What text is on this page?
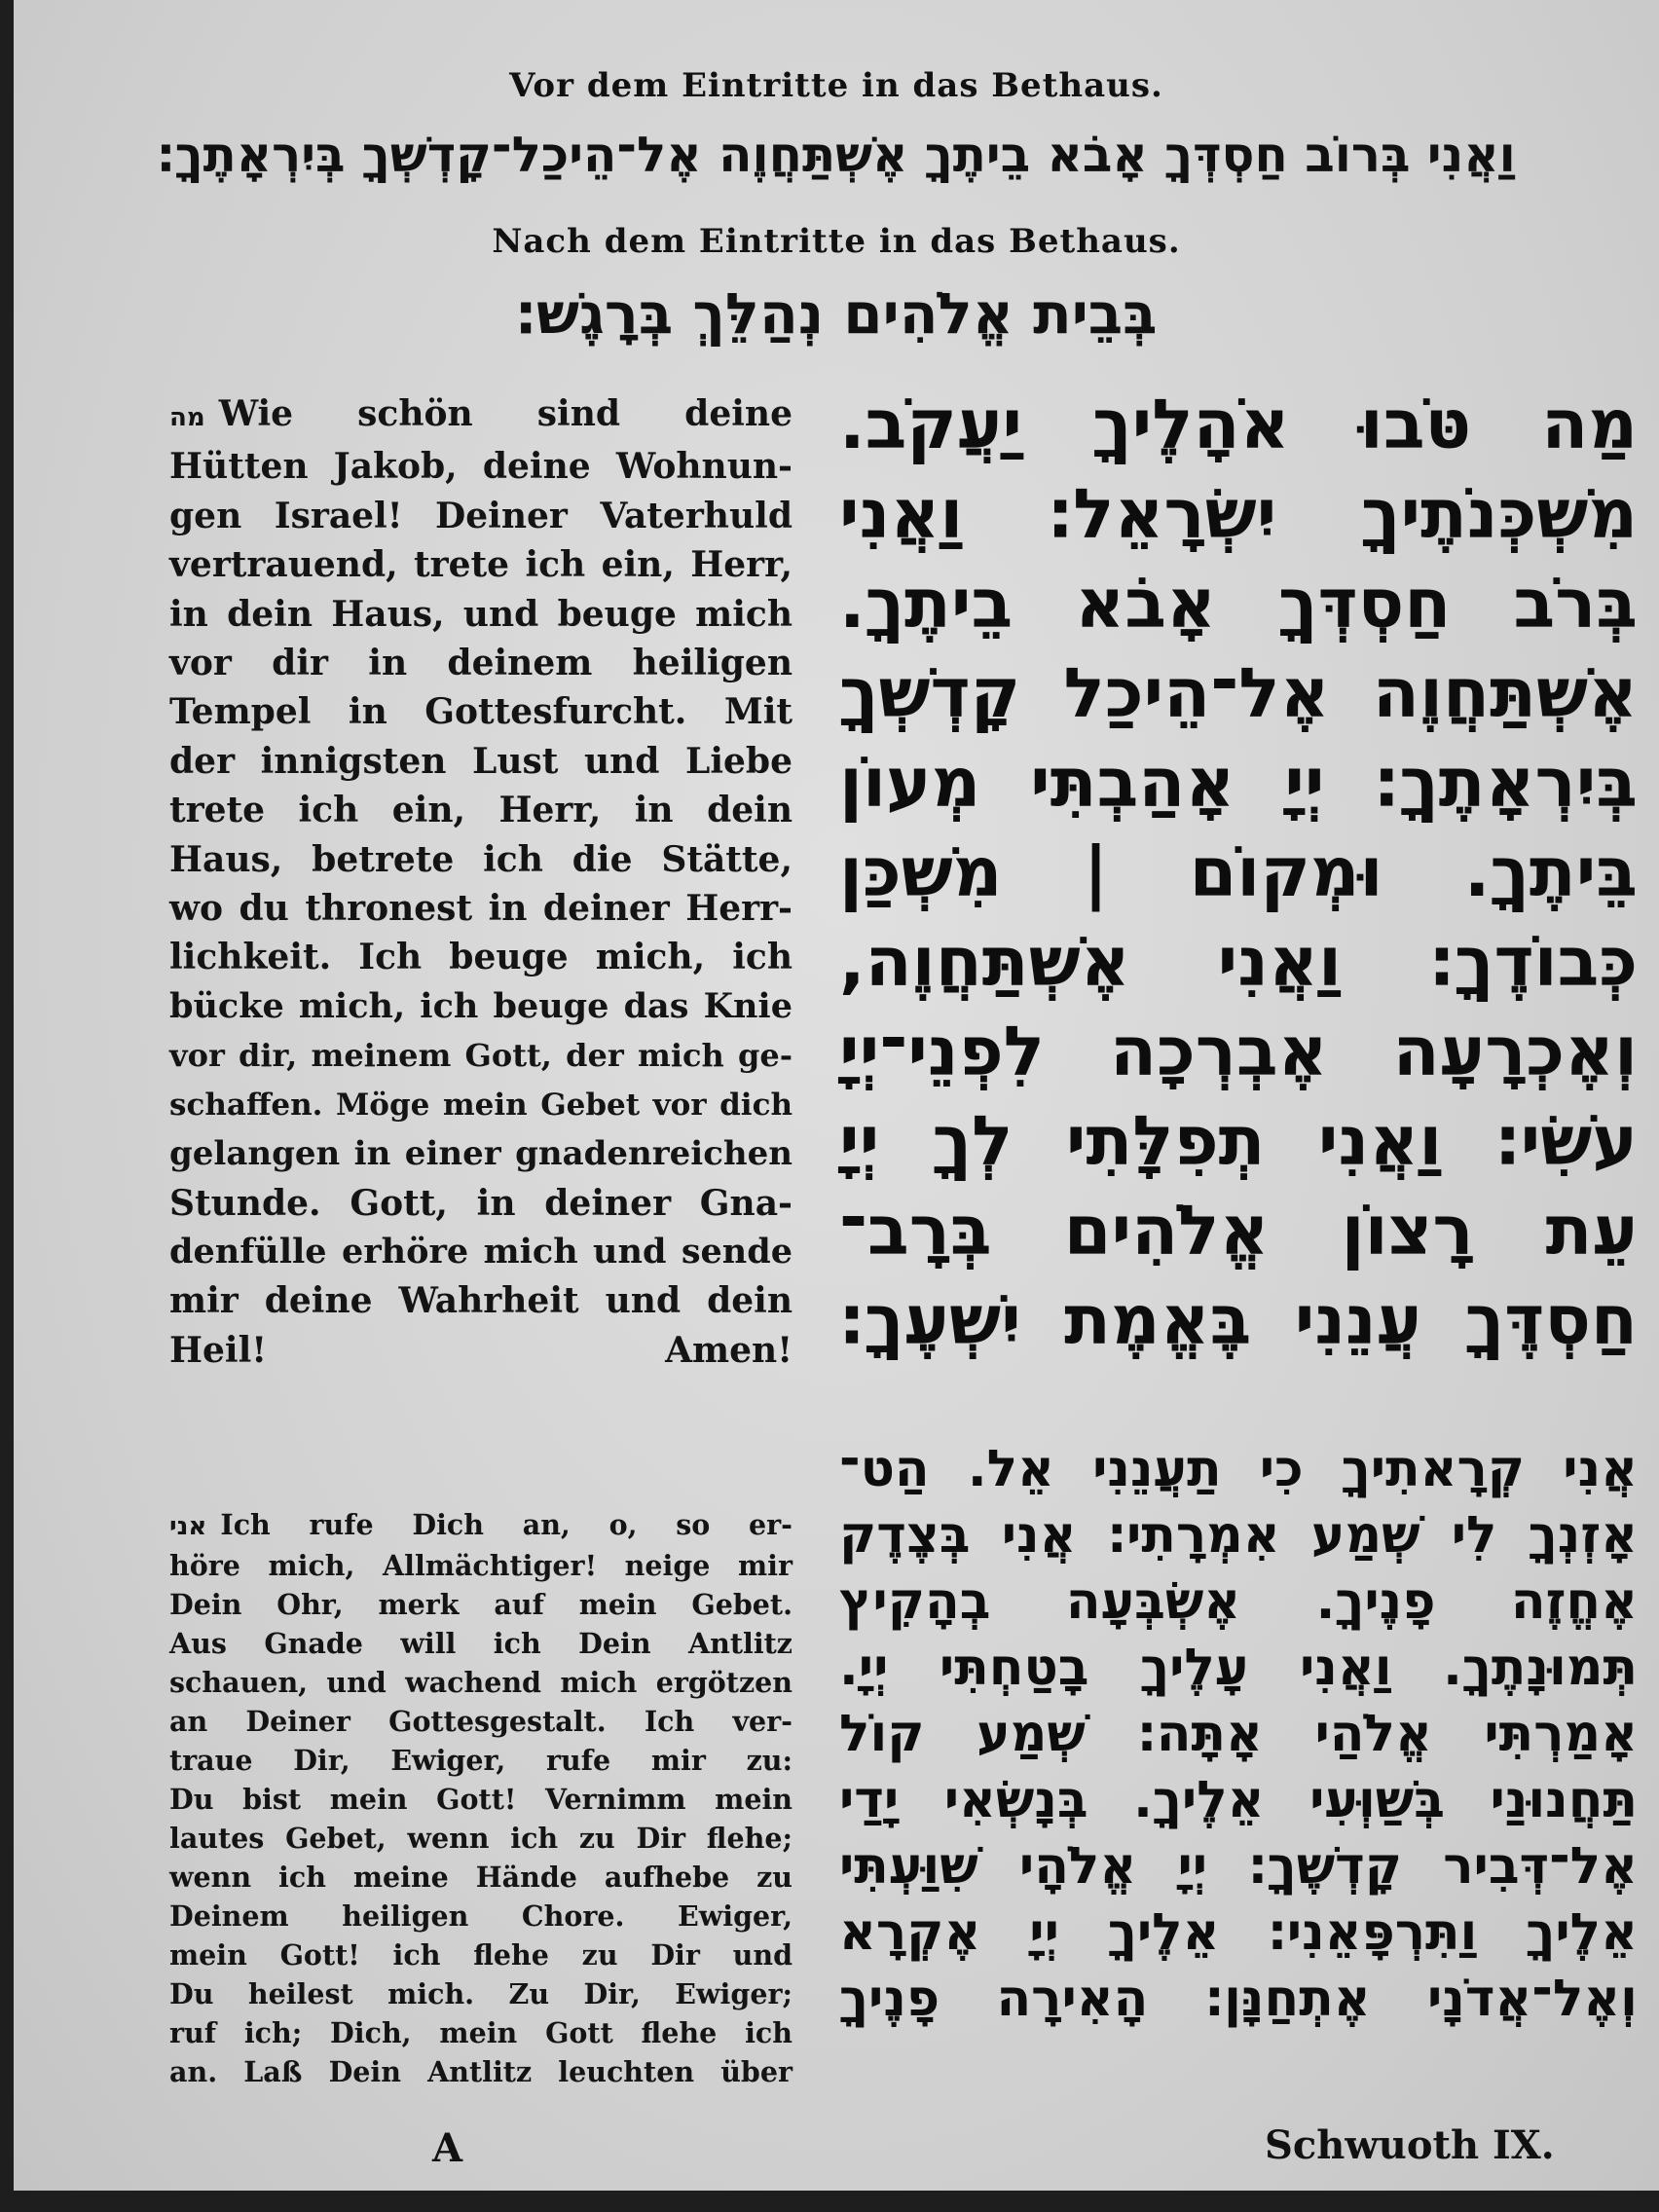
Vor dem Eintritte in das Bethaus.
וַאֲנִי בְּרוֹב חַסְדְּךָ אָבֹא בֵיתֶךָ אֶשְׁתַּחֲוֶה אֶל־הֵיכַל־קָדְשְׁךָ בְּיִרְאָתֶךָ׃
Nach dem Eintritte in das Bethaus.
בְּבֵית אֱלֹהִים נְהַלֵּךְ בְּרָגֶשׁ׃
מה Wie schön sind deine
Hütten Jakob, deine Wohnun-
gen Israel! Deiner Vaterhuld
vertrauend, trete ich ein, Herr,
in dein Haus, und beuge mich
vor dir in deinem heiligen
Tempel in Gottesfurcht. Mit
der innigsten Lust und Liebe
trete ich ein, Herr, in dein
Haus, betrete ich die Stätte,
wo du thronest in deiner Herr-
lichkeit. Ich beuge mich, ich
bücke mich, ich beuge das Knie
vor dir, meinem Gott, der mich ge-
schaffen. Möge mein Gebet vor dich
gelangen in einer gnadenreichen
Stunde. Gott, in deiner Gna-
denfülle erhöre mich und sende
mir deine Wahrheit und dein
Heil! Amen!
אני Ich rufe Dich an, o, so er-
höre mich, Allmächtiger! neige mir
Dein Ohr, merk auf mein Gebet.
Aus Gnade will ich Dein Antlitz
schauen, und wachend mich ergötzen
an Deiner Gottesgestalt. Ich ver-
traue Dir, Ewiger, rufe mir zu:
Du bist mein Gott! Vernimm mein
lautes Gebet, wenn ich zu Dir flehe;
wenn ich meine Hände aufhebe zu
Deinem heiligen Chore. Ewiger,
mein Gott! ich flehe zu Dir und
Du heilest mich. Zu Dir, Ewiger;
ruf ich; Dich, mein Gott flehe ich
an. Laß Dein Antlitz leuchten über
מַה טֹּבוּ אֹהָלֶיךָ יַעֲקֹב.
מִשְׁכְּנֹתֶיךָ יִשְׂרָאֵל׃ וַאֲנִי
בְּרֹב חַסְדְּךָ אָבֹא בֵיתֶךָ.
אֶשְׁתַּחֲוֶה אֶל־הֵיכַל קָדְשְׁךָ
בְּיִרְאָתֶךָ׃ יְיָ אָהַבְתִּי מְעוֹן
בֵּיתֶךָ. וּמְקוֹם | מִשְׁכַּן
כְּבוֹדֶךָ׃ וַאֲנִי אֶשְׁתַּחֲוֶה,
וְאֶכְרָעָה אֶבְרְכָה לִפְנֵי־יְיָ
עֹשִׂי׃ וַאֲנִי תְפִלָּתִי לְךָ יְיָ
עֵת רָצוֹן אֱלֹהִים בְּרָב־
חַסְדֶּךָ עֲנֵנִי בֶּאֱמֶת יִשְׁעֶךָ׃
אֲנִי קְרָאתִיךָ כִי תַעֲנֵנִי אֵל. הַט־
אָזְנְךָ לִי שְׁמַע אִמְרָתִי׃ אֲנִי בְּצֶדֶק
אֶחֱזֶה פָנֶיךָ. אֶשְׂבְּעָה בְהָקִיץ
תְּמוּנָתֶךָ. וַאֲנִי עָלֶיךָ בָטַחְתִּי יְיָ.
אָמַרְתִּי אֱלֹהַי אָתָּה׃ שְׁמַע קוֹל
תַּחֲנוּנַי בְּשַׁוְּעִי אֵלֶיךָ. בְּנָשְׂאִי יָדַי
אֶל־דְּבִיר קָדְשֶׁךָ׃ יְיָ אֱלֹהָי שִׁוַּעְתִּי
אֵלֶיךָ וַתִּרְפָּאֵנִי׃ אֵלֶיךָ יְיָ אֶקְרָא
וְאֶל־אֲדֹנָי אֶתְחַנָּן׃ הָאִירָה פָנֶיךָ
A	Schwuoth IX.
